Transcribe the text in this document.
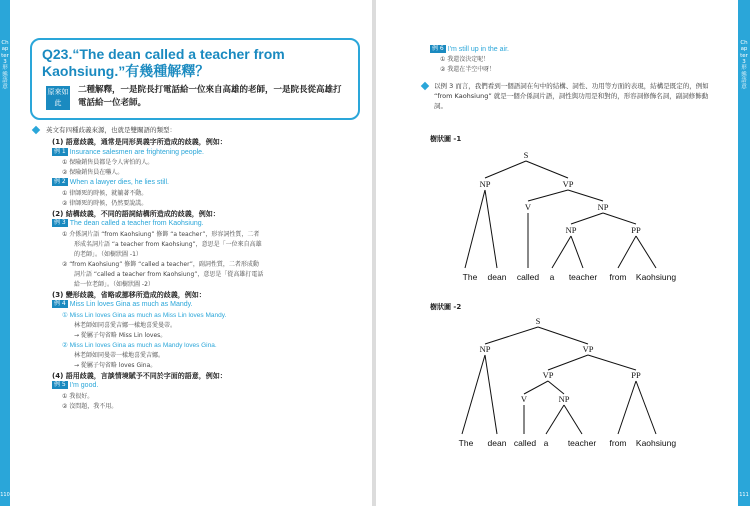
Chapter 3 形態語意
110
Q23.“The dean called a teacher from Kaohsiung.”有幾種解釋？
原來如此
二種解釋，一是院長打電話給一位來自高雄的老師，一是院長從高雄打電話給一位老師。
英文有四種歧義來源，也就是雙關語的類型：
(1) 語意歧義，通常是同形異義字所造成的歧義，例如：
例 1 Insurance salesmen are frightening people.
① 保險銷售員都是令人害怕的人。
② 保險銷售員在嚇人。
例 2 When a lawyer dies, he lies still.
① 律師死的時候，就躺著不動。
② 律師死的時候，仍然要說謊。
(2) 結構歧義，不同的語詞結構所造成的歧義，例如：
例 3 The dean called a teacher from Kaohsiung.
① 介係詞片語 “from Kaohsiung” 修飾 “a teacher”，形容詞性質，二者
形成名詞片語 “a teacher from Kaohsiung”，意思是「一位來自高雄
的老師」。（如樹狀圖 -1）
② “from Kaohsiung” 修飾 “called a teacher”，副詞性質，二者形成動
詞片語 “called a teacher from Kaohsiung”，意思是「從高雄打電話
給一位老師」。（如樹狀圖 -2）
(3) 變形歧義，省略或挪移所造成的歧義，例如：
例 4 Miss Lin loves Gina as much as Mandy.
① Miss Lin loves Gina as much as Miss Lin loves Mandy.
林老師如同喜愛吉娜一樣地喜愛曼蒂。
→ 從屬子句省略 Miss Lin loves。
② Miss Lin loves Gina as much as Mandy loves Gina.
林老師如同曼蒂一樣地喜愛吉娜。
→ 從屬子句省略 loves Gina。
(4) 語用歧義，言談情境賦予不同於字面的語意，例如：
例 5 I'm good.
① 我很好。
② 沒問題，我不用。
Chapter 3 形態語意
111
例 6 I'm still up in the air.
① 我還沒決定呢！
② 我還在半空中呀！
以例 3 而言，我們看到一個語詞在句中的結構、詞性、功用等方面的表現，結構是既定的，例如 “from Kaohsiung” 就是一個介係詞片語，詞性與功用是和對的，形容詞修飾名詞，副詞修飾動詞。
樹狀圖 -1
S
NP	VP
V	NP
NP	PP
The dean called a teacher from Kaohsiung
樹狀圖 -2
S
NP	VP
VP	PP
V	NP
The dean called a teacher from Kaohsiung
